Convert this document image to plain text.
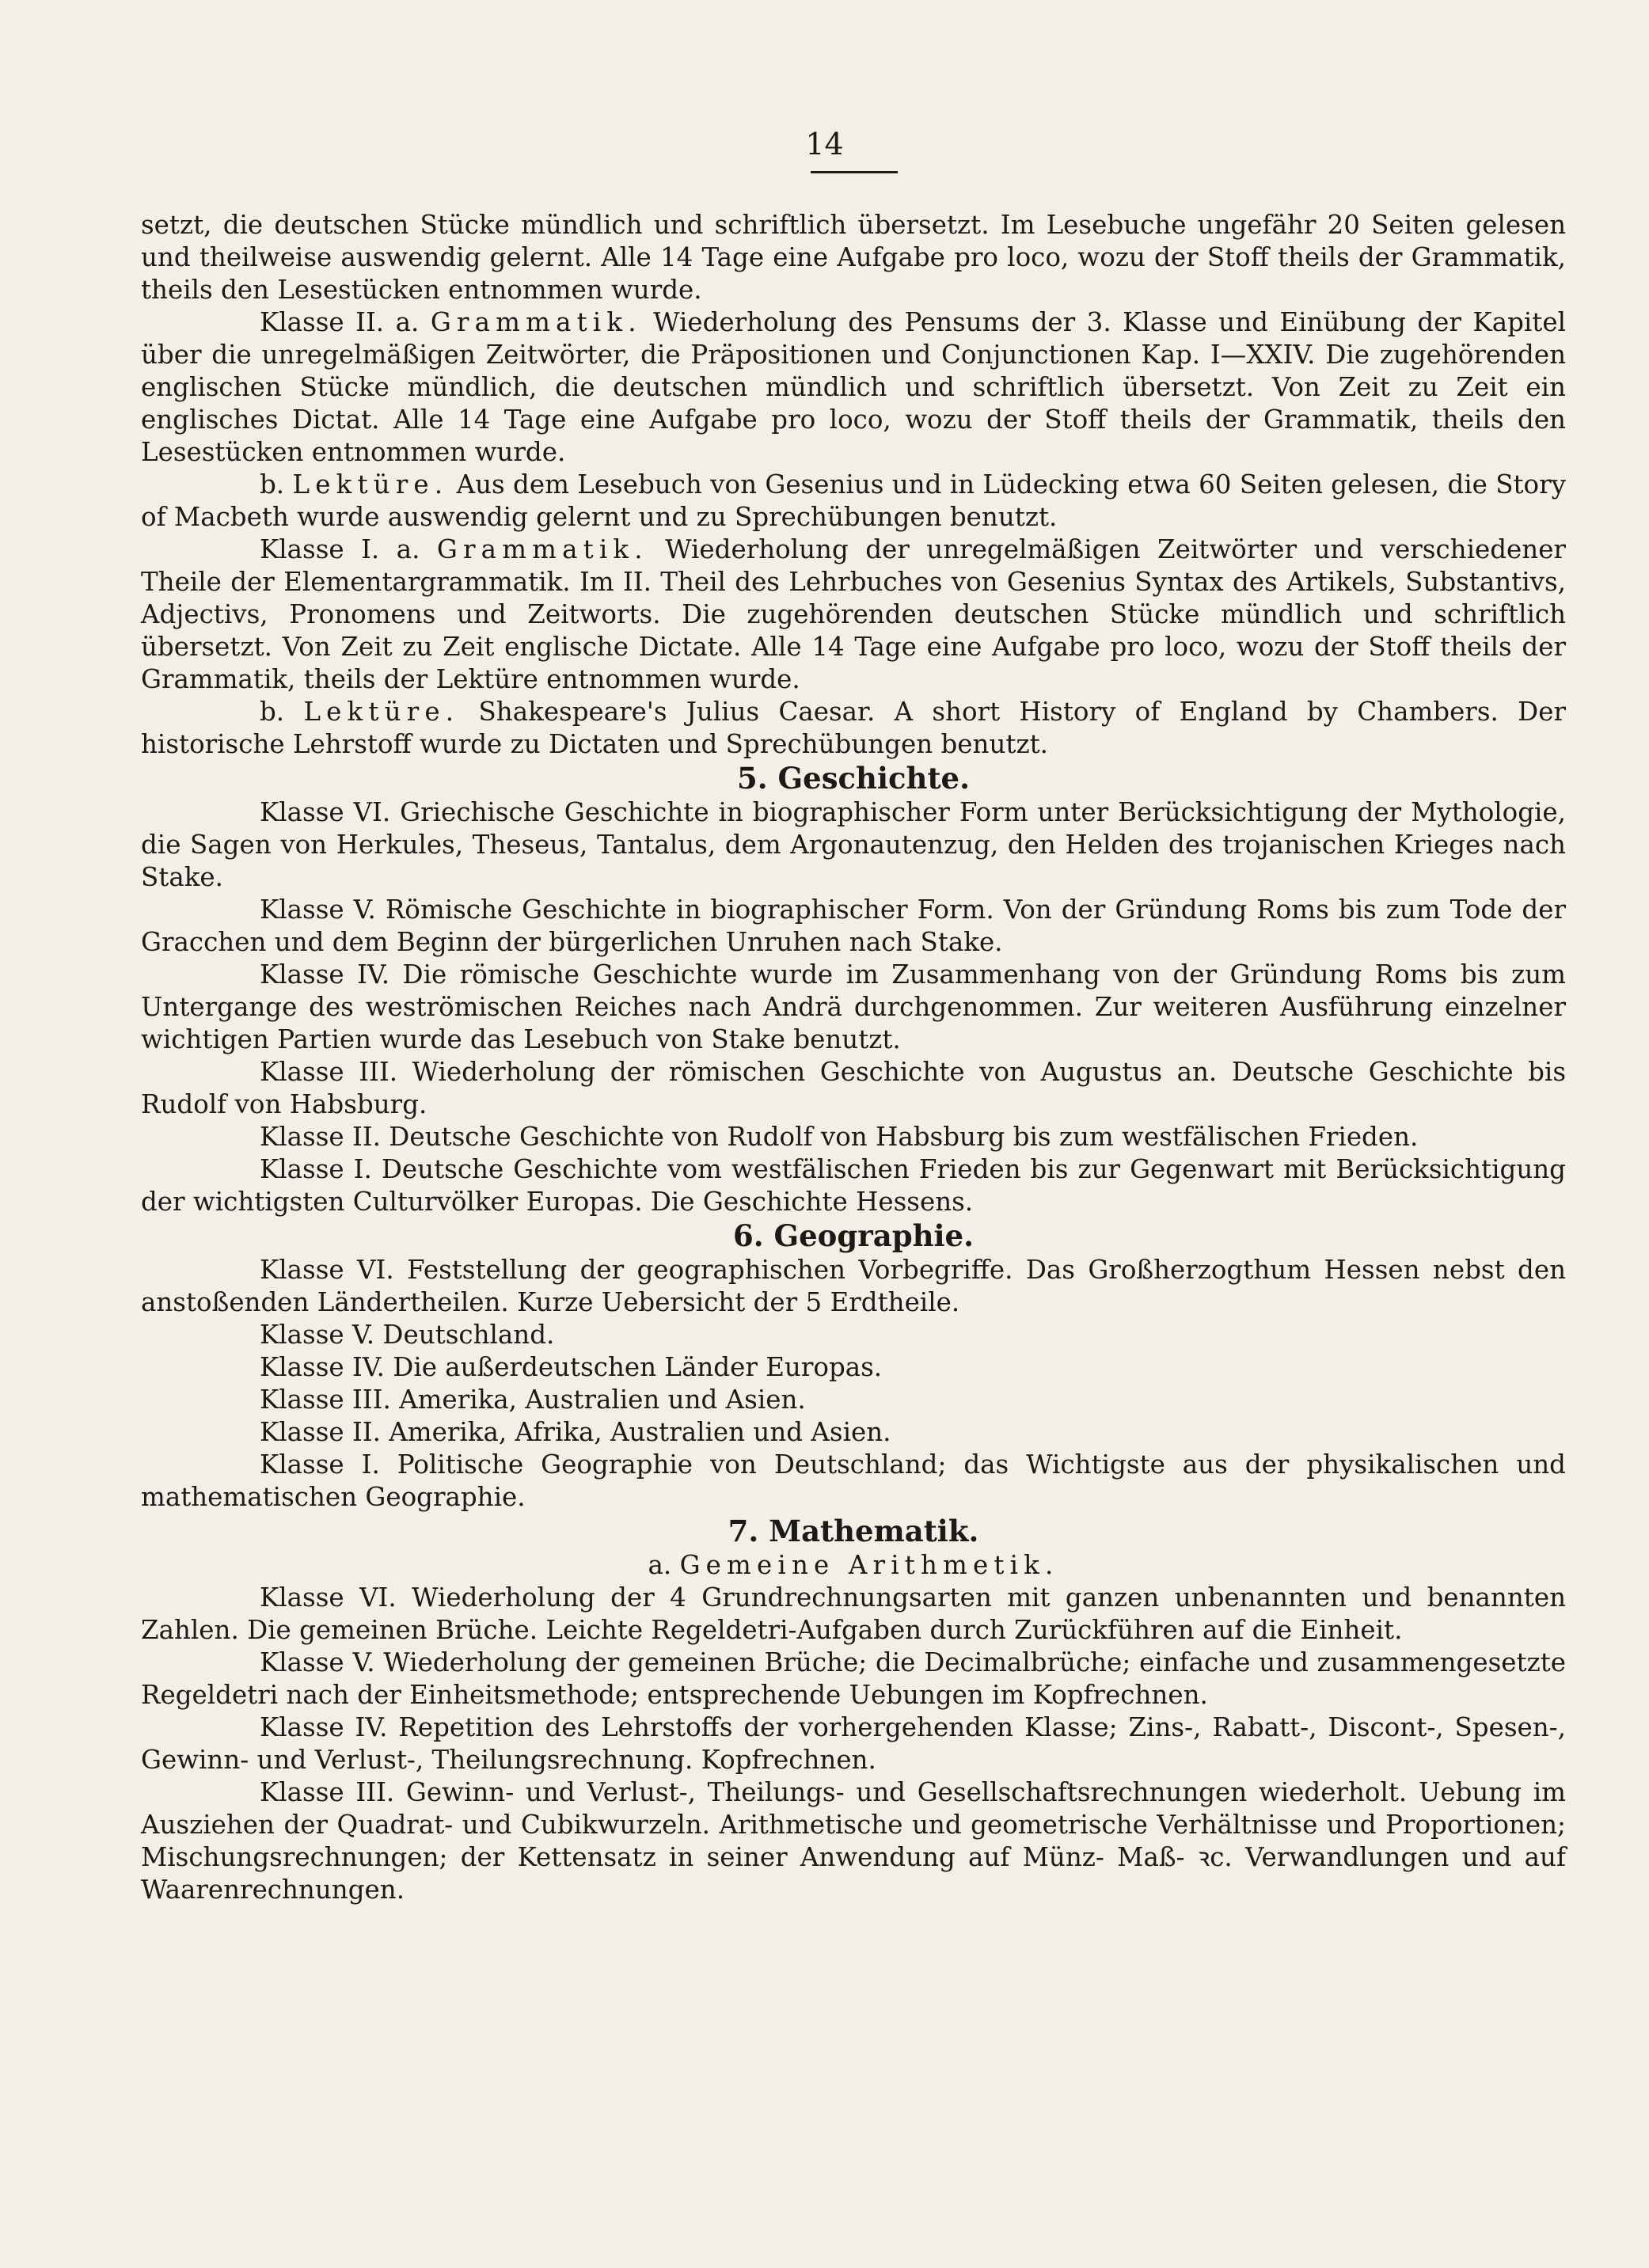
14
setzt, die deutschen Stücke mündlich und schriftlich übersetzt. Im Lesebuche ungefähr 20 Seiten gelesen und theilweise auswendig gelernt. Alle 14 Tage eine Aufgabe pro loco, wozu der Stoff theils der Grammatik, theils den Lesestücken entnommen wurde.
Klasse II. a. Grammatik. Wiederholung des Pensums der 3. Klasse und Einübung der Kapitel über die unregelmäßigen Zeitwörter, die Präpositionen und Conjunctionen Kap. I—XXIV. Die zugehörenden englischen Stücke mündlich, die deutschen mündlich und schriftlich übersetzt. Von Zeit zu Zeit ein englisches Dictat. Alle 14 Tage eine Aufgabe pro loco, wozu der Stoff theils der Grammatik, theils den Lesestücken entnommen wurde.
b. Lektüre. Aus dem Lesebuch von Gesenius und in Lüdecking etwa 60 Seiten gelesen, die Story of Macbeth wurde auswendig gelernt und zu Sprechübungen benutzt.
Klasse I. a. Grammatik. Wiederholung der unregelmäßigen Zeitwörter und verschiedener Theile der Elementargrammatik. Im II. Theil des Lehrbuches von Gesenius Syntax des Artikels, Substantivs, Adjectivs, Pronomens und Zeitworts. Die zugehörenden deutschen Stücke mündlich und schriftlich übersetzt. Von Zeit zu Zeit englische Dictate. Alle 14 Tage eine Aufgabe pro loco, wozu der Stoff theils der Grammatik, theils der Lektüre entnommen wurde.
b. Lektüre. Shakespeare's Julius Caesar. A short History of England by Chambers. Der historische Lehrstoff wurde zu Dictaten und Sprechübungen benutzt.
5. Geschichte.
Klasse VI. Griechische Geschichte in biographischer Form unter Berücksichtigung der Mythologie, die Sagen von Herkules, Theseus, Tantalus, dem Argonautenzug, den Helden des trojanischen Krieges nach Stake.
Klasse V. Römische Geschichte in biographischer Form. Von der Gründung Roms bis zum Tode der Gracchen und dem Beginn der bürgerlichen Unruhen nach Stake.
Klasse IV. Die römische Geschichte wurde im Zusammenhang von der Gründung Roms bis zum Untergange des weströmischen Reiches nach Andrä durchgenommen. Zur weiteren Ausführung einzelner wichtigen Partien wurde das Lesebuch von Stake benutzt.
Klasse III. Wiederholung der römischen Geschichte von Augustus an. Deutsche Geschichte bis Rudolf von Habsburg.
Klasse II. Deutsche Geschichte von Rudolf von Habsburg bis zum westfälischen Frieden.
Klasse I. Deutsche Geschichte vom westfälischen Frieden bis zur Gegenwart mit Berücksichtigung der wichtigsten Culturvölker Europas. Die Geschichte Hessens.
6. Geographie.
Klasse VI. Feststellung der geographischen Vorbegriffe. Das Großherzogthum Hessen nebst den anstoßenden Ländertheilen. Kurze Uebersicht der 5 Erdtheile.
Klasse V. Deutschland.
Klasse IV. Die außerdeutschen Länder Europas.
Klasse III. Amerika, Australien und Asien.
Klasse II. Amerika, Afrika, Australien und Asien.
Klasse I. Politische Geographie von Deutschland; das Wichtigste aus der physikalischen und mathematischen Geographie.
7. Mathematik.
a. Gemeine Arithmetik.
Klasse VI. Wiederholung der 4 Grundrechnungsarten mit ganzen unbenannten und benannten Zahlen. Die gemeinen Brüche. Leichte Regeldetri-Aufgaben durch Zurückführen auf die Einheit.
Klasse V. Wiederholung der gemeinen Brüche; die Decimalbrüche; einfache und zusammengesetzte Regeldetri nach der Einheitsmethode; entsprechende Uebungen im Kopfrechnen.
Klasse IV. Repetition des Lehrstoffs der vorhergehenden Klasse; Zins-, Rabatt-, Discont-, Spesen-, Gewinn- und Verlust-, Theilungsrechnung. Kopfrechnen.
Klasse III. Gewinn- und Verlust-, Theilungs- und Gesellschaftsrechnungen wiederholt. Uebung im Ausziehen der Quadrat- und Cubikwurzeln. Arithmetische und geometrische Verhältnisse und Proportionen; Mischungsrechnungen; der Kettensatz in seiner Anwendung auf Münz- Maß- ꝛc. Verwandlungen und auf Waarenrechnungen.
